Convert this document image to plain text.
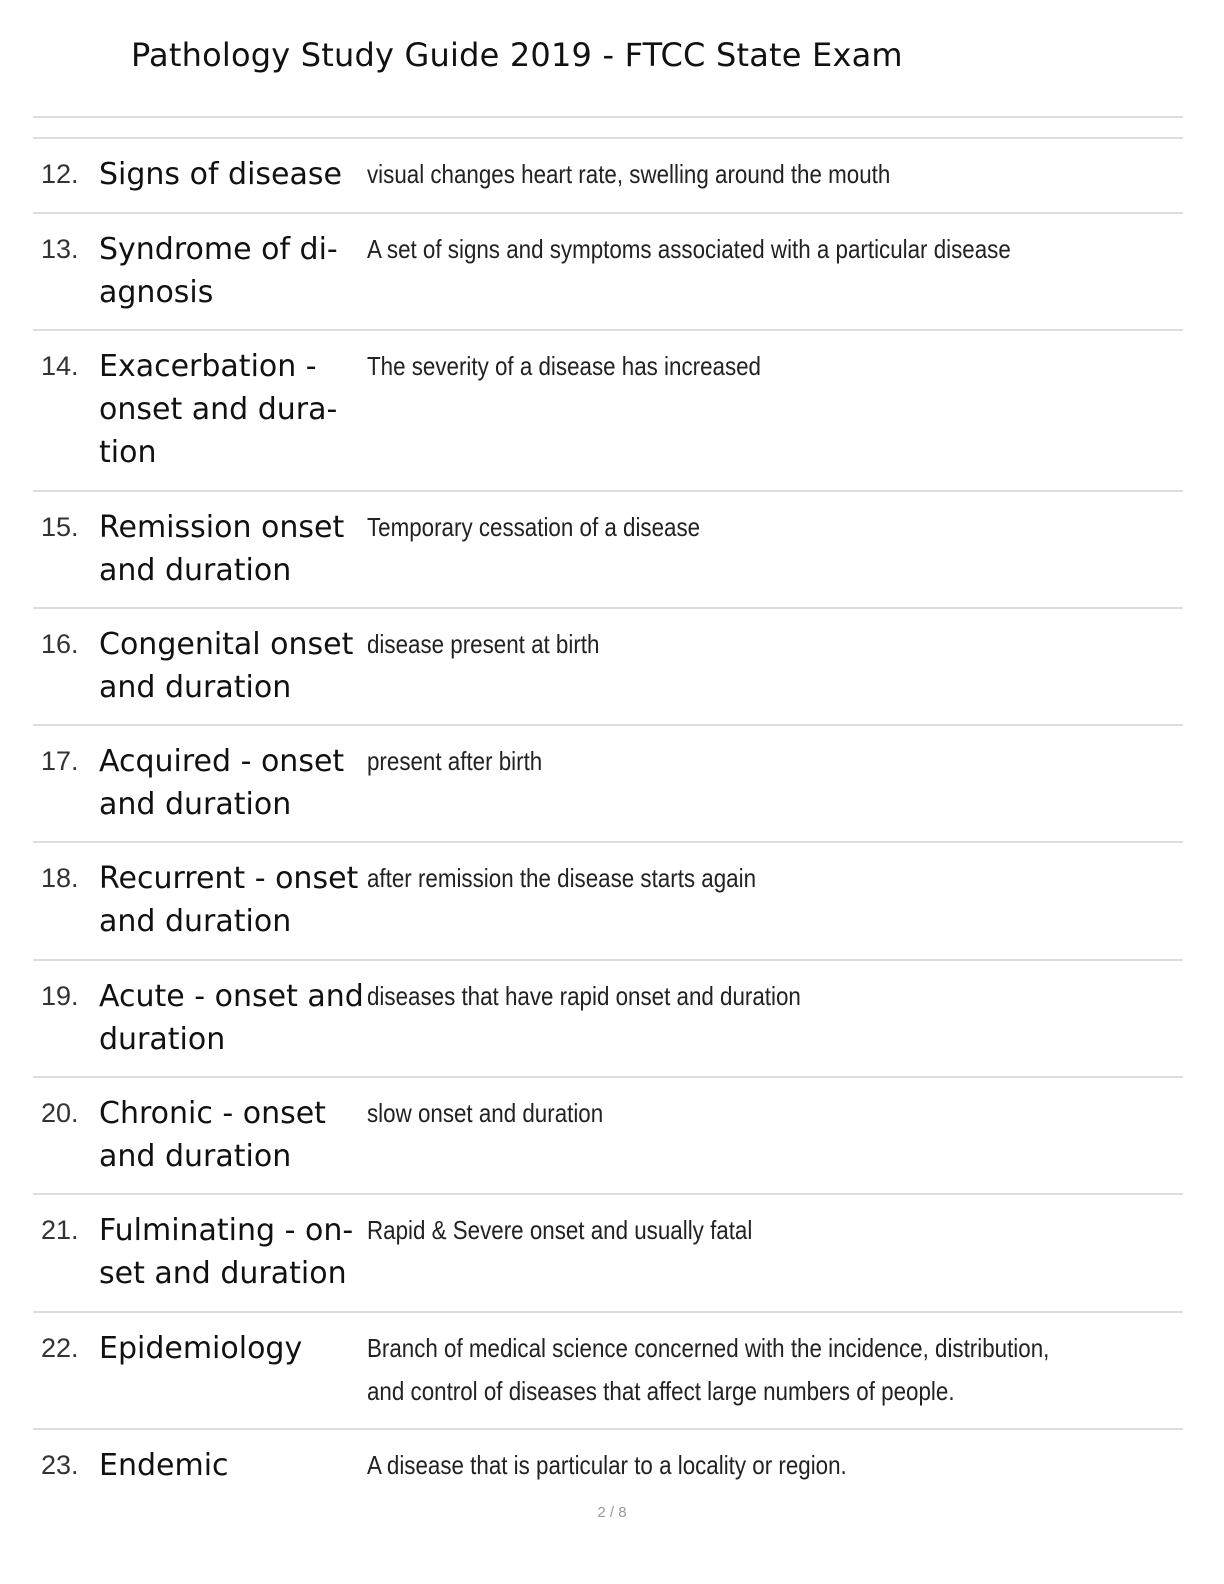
Pathology Study Guide 2019 - FTCC State Exam
12. Signs of disease visual changes heart rate, swelling around the mouth
13. Syndrome of di- agnosis
A set of signs and symptoms associated with a particular disease
14. Exacerbation - onset and dura- tion
The severity of a disease has increased
15. Remission onset and duration
Temporary cessation of a disease
16. Congenital onset and duration
disease present at birth
17. Acquired - onset and duration
present after birth
18. Recurrent - onset and duration
after remission the disease starts again
19. Acute - onset and duration
diseases that have rapid onset and duration
20. Chronic - onset and duration
slow onset and duration
21. Fulminating - on- set and duration
Rapid & Severe onset and usually fatal
22. Epidemiology	Branch of medical science concerned with the incidence, distribution, and control of diseases that affect large numbers of people.
23. Endemic	A disease that is particular to a locality or region.
2 / 8
